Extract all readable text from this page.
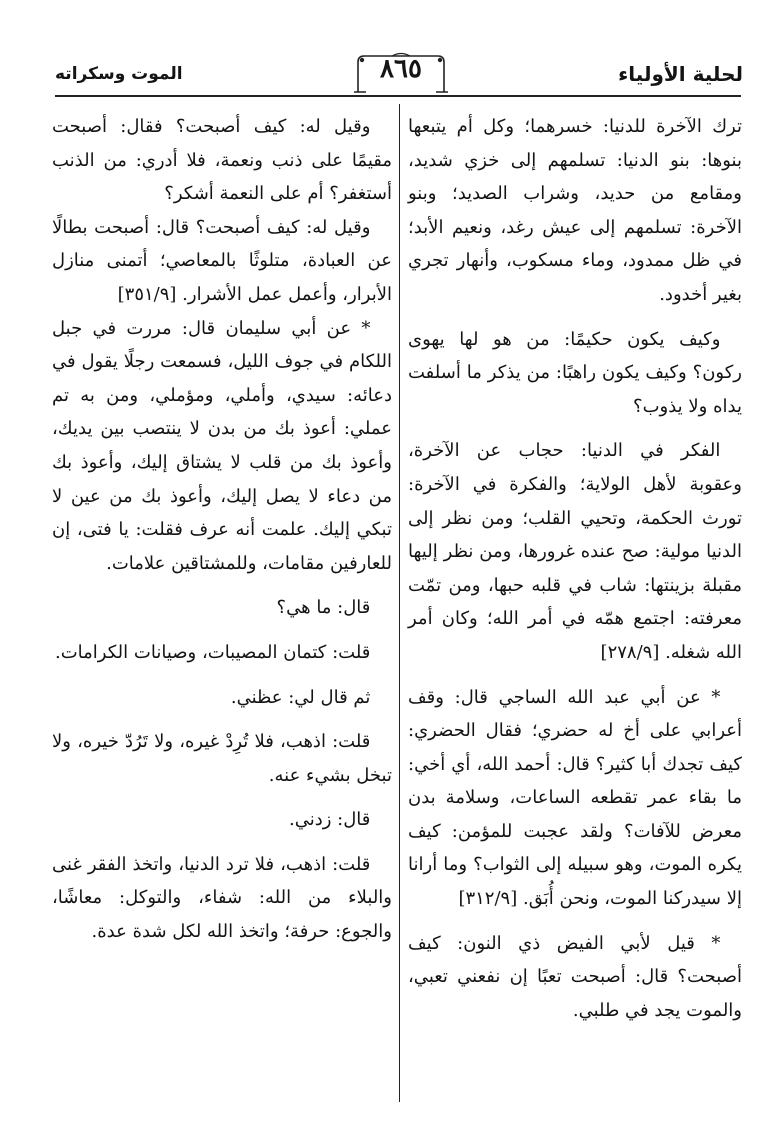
لحلية الأولياء
٨٦٥
الموت وسكراته

ترك الآخرة للدنيا: خسرهما؛ وكل أم يتبعها بنوها: بنو الدنيا: تسلمهم إلى خزي شديد، ومقامع من حديد، وشراب الصديد؛ وبنو الآخرة: تسلمهم إلى عيش رغد، ونعيم الأبد؛ في ظل ممدود، وماء مسكوب، وأنهار تجري بغير أخدود.

وكيف يكون حكيمًا: من هو لها يهوى ركون؟ وكيف يكون راهبًا: من يذكر ما أسلفت يداه ولا يذوب؟

الفكر في الدنيا: حجاب عن الآخرة، وعقوبة لأهل الولاية؛ والفكرة في الآخرة: تورث الحكمة، وتحيي القلب؛ ومن نظر إلى الدنيا مولية: صح عنده غرورها، ومن نظر إليها مقبلة بزينتها: شاب في قلبه حبها، ومن تمّت معرفته: اجتمع همّه في أمر الله؛ وكان أمر الله شغله. [٢٧٨/٩]

* عن أبي عبد الله الساجي قال: وقف أعرابي على أخ له حضري؛ فقال الحضري: كيف تجدك أبا كثير؟ قال: أحمد الله، أي أخي: ما بقاء عمر تقطعه الساعات، وسلامة بدن معرض للآفات؟ ولقد عجبت للمؤمن: كيف يكره الموت، وهو سبيله إلى الثواب؟ وما أرانا إلا سيدركنا الموت، ونحن أُبَق. [٣١٢/٩]

* قيل لأبي الفيض ذي النون: كيف أصبحت؟ قال: أصبحت تعبًا إن نفعني تعبي، والموت يجد في طلبي.

وقيل له: كيف أصبحت؟ فقال: أصبحت مقيمًا على ذنب ونعمة، فلا أدري: من الذنب أستغفر؟ أم على النعمة أشكر؟

وقيل له: كيف أصبحت؟ قال: أصبحت بطالًا عن العبادة، متلوثًا بالمعاصي؛ أتمنى منازل الأبرار، وأعمل عمل الأشرار. [٣٥١/٩]

* عن أبي سليمان قال: مررت في جبل اللكام في جوف الليل، فسمعت رجلًا يقول في دعائه: سيدي، وأملي، ومؤملي، ومن به تم عملي: أعوذ بك من بدن لا ينتصب بين يديك، وأعوذ بك من قلب لا يشتاق إليك، وأعوذ بك من دعاء لا يصل إليك، وأعوذ بك من عين لا تبكي إليك. علمت أنه عرف فقلت: يا فتى، إن للعارفين مقامات، وللمشتاقين علامات.

قال: ما هي؟

قلت: كتمان المصيبات، وصيانات الكرامات.

ثم قال لي: عظني.

قلت: اذهب، فلا تُرِدْ غيره، ولا تَرُدّ خيره، ولا تبخل بشيء عنه.

قال: زدني.

قلت: اذهب، فلا ترد الدنيا، واتخذ الفقر غنى والبلاء من الله: شفاء، والتوكل: معاشًا، والجوع: حرفة؛ واتخذ الله لكل شدة عدة.
